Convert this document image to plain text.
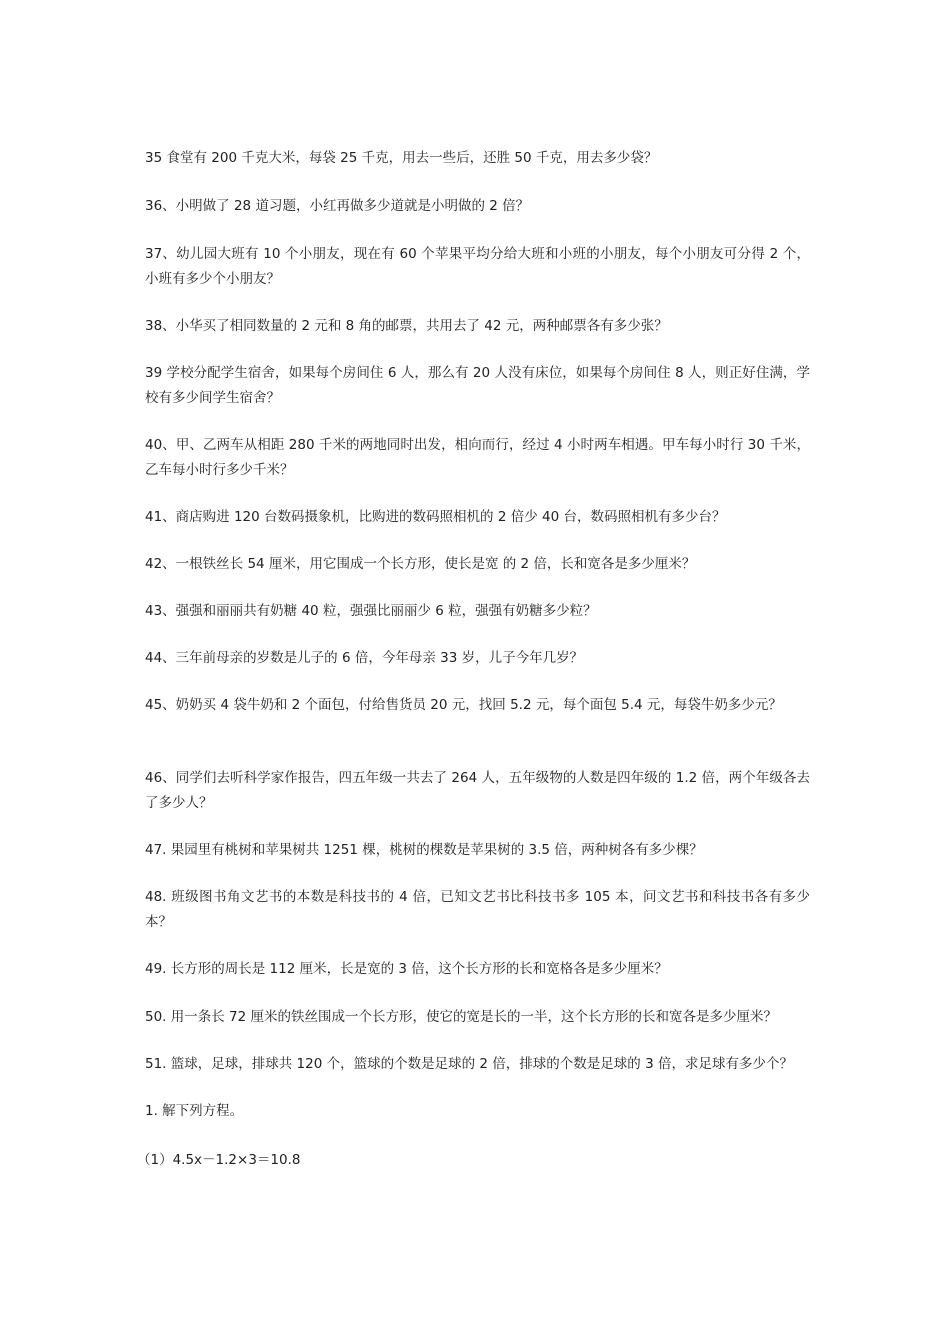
35 食堂有 200 千克大米，每袋 25 千克，用去一些后，还胜 50 千克，用去多少袋？

36、小明做了 28 道习题，小红再做多少道就是小明做的 2 倍？

37、幼儿园大班有 10 个小朋友，现在有 60 个苹果平均分给大班和小班的小朋友，每个小朋友可分得 2 个，小班有多少个小朋友？

38、小华买了相同数量的 2 元和 8 角的邮票，共用去了 42 元，两种邮票各有多少张？

39 学校分配学生宿舍，如果每个房间住 6 人，那么有 20 人没有床位，如果每个房间住 8 人，则正好住满，学校有多少间学生宿舍？

40、甲、乙两车从相距 280 千米的两地同时出发，相向而行，经过 4 小时两车相遇。甲车每小时行 30 千米，乙车每小时行多少千米？

41、商店购进 120 台数码摄象机，比购进的数码照相机的 2 倍少 40 台，数码照相机有多少台？

42、一根铁丝长 54 厘米，用它围成一个长方形，使长是宽 的 2 倍，长和宽各是多少厘米？

43、强强和丽丽共有奶糖 40 粒，强强比丽丽少 6 粒，强强有奶糖多少粒？

44、三年前母亲的岁数是儿子的 6 倍，今年母亲 33 岁，儿子今年几岁？

45、奶奶买 4 袋牛奶和 2 个面包，付给售货员 20 元，找回 5.2 元，每个面包 5.4 元，每袋牛奶多少元？

46、同学们去听科学家作报告，四五年级一共去了 264 人，五年级物的人数是四年级的 1.2 倍，两个年级各去了多少人？

47. 果园里有桃树和苹果树共 1251 棵，桃树的棵数是苹果树的 3.5 倍，两种树各有多少棵？

48. 班级图书角文艺书的本数是科技书的 4 倍，已知文艺书比科技书多 105 本，问文艺书和科技书各有多少本？

49. 长方形的周长是 112 厘米，长是宽的 3 倍，这个长方形的长和宽格各是多少厘米？

50. 用一条长 72 厘米的铁丝围成一个长方形，使它的宽是长的一半，这个长方形的长和宽各是多少厘米？

51. 篮球，足球，排球共 120 个，篮球的个数是足球的 2 倍，排球的个数是足球的 3 倍，求足球有多少个？

1. 解下列方程。

（1）4.5x－1.2×3＝10.8
